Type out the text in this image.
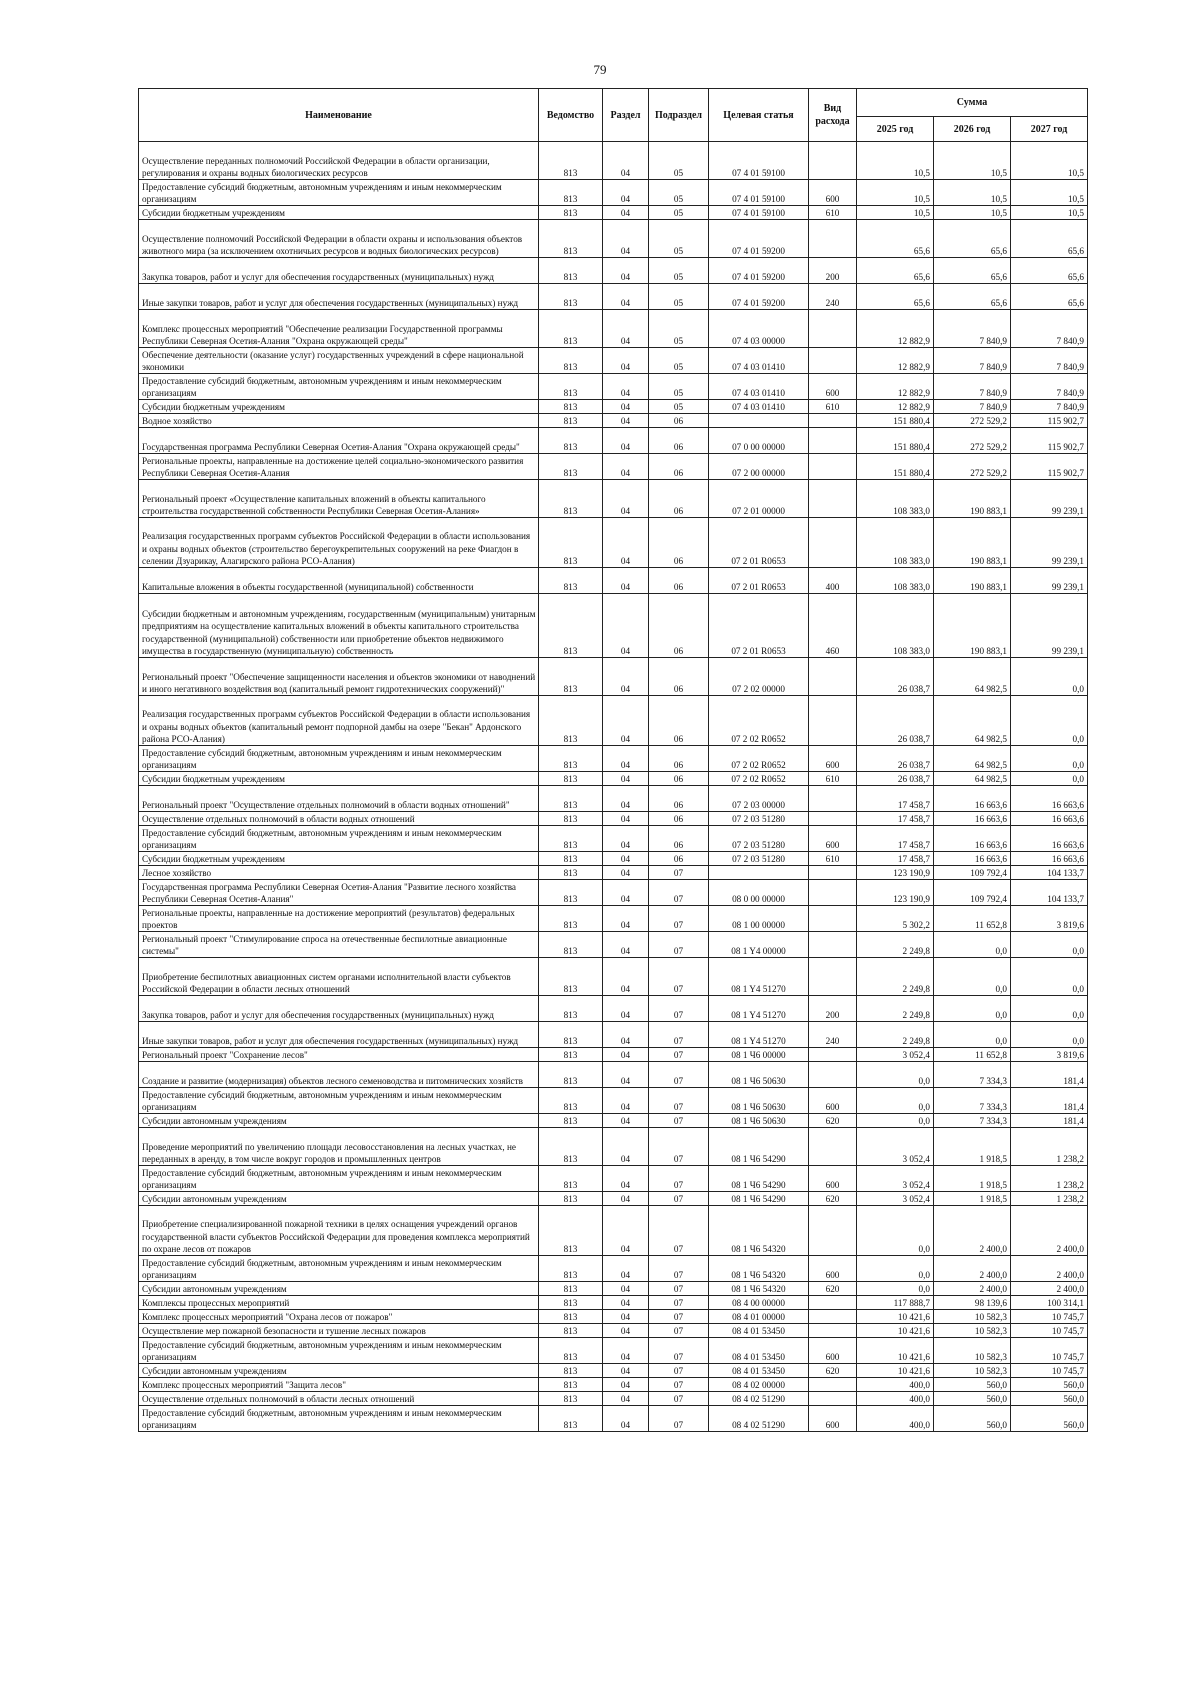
79
Наименование	Ведомство	Раздел	Подраздел	Целевая статья	Вид расхода	Сумма		
						2025 год	2026 год	2027 год
Осуществление переданных полномочий Российской Федерации в области организации, регулирования и охраны водных биологических ресурсов	813	04	05	07 4 01 59100		10,5	10,5	10,5
Предоставление субсидий бюджетным, автономным учреждениям и иным некоммерческим организациям	813	04	05	07 4 01 59100	600	10,5	10,5	10,5
Субсидии бюджетным учреждениям	813	04	05	07 4 01 59100	610	10,5	10,5	10,5
Осуществление полномочий Российской Федерации в области охраны и использования объектов животного мира (за исключением охотничьих ресурсов и водных биологических ресурсов)	813	04	05	07 4 01 59200		65,6	65,6	65,6
Закупка товаров, работ и услуг для обеспечения государственных (муниципальных) нужд	813	04	05	07 4 01 59200	200	65,6	65,6	65,6
Иные закупки товаров, работ и услуг для обеспечения государственных (муниципальных) нужд	813	04	05	07 4 01 59200	240	65,6	65,6	65,6
Комплекс процессных мероприятий "Обеспечение реализации Государственной программы Республики Северная Осетия-Алания "Охрана окружающей среды"	813	04	05	07 4 03 00000		12 882,9	7 840,9	7 840,9
Обеспечение деятельности (оказание услуг) государственных учреждений в сфере национальной экономики	813	04	05	07 4 03 01410		12 882,9	7 840,9	7 840,9
Предоставление субсидий бюджетным, автономным учреждениям и иным некоммерческим организациям	813	04	05	07 4 03 01410	600	12 882,9	7 840,9	7 840,9
Субсидии бюджетным учреждениям	813	04	05	07 4 03 01410	610	12 882,9	7 840,9	7 840,9
Водное хозяйство	813	04	06			151 880,4	272 529,2	115 902,7
Государственная программа Республики Северная Осетия-Алания "Охрана окружающей среды"	813	04	06	07 0 00 00000		151 880,4	272 529,2	115 902,7
Региональные проекты, направленные на достижение целей социально-экономического развития Республики Северная Осетия-Алания	813	04	06	07 2 00 00000		151 880,4	272 529,2	115 902,7
Региональный проект «Осуществление капитальных вложений в объекты капитального строительства государственной собственности Республики Северная Осетия-Алания»	813	04	06	07 2 01 00000		108 383,0	190 883,1	99 239,1
Реализация государственных программ субъектов Российской Федерации в области использования и охраны водных объектов (строительство берегоукрепительных сооружений на реке Фиагдон в селении Дзуарикау, Алагирского района РСО-Алания)	813	04	06	07 2 01 R0653		108 383,0	190 883,1	99 239,1
Капитальные вложения в объекты государственной (муниципальной) собственности	813	04	06	07 2 01 R0653	400	108 383,0	190 883,1	99 239,1
Субсидии бюджетным и автономным учреждениям, государственным (муниципальным) унитарным предприятиям на осуществление капитальных вложений в объекты капитального строительства государственной (муниципальной) собственности или приобретение объектов недвижимого имущества в государственную (муниципальную) собственность	813	04	06	07 2 01 R0653	460	108 383,0	190 883,1	99 239,1
Региональный проект "Обеспечение защищенности населения и объектов экономики от наводнений и иного негативного воздействия вод (капитальный ремонт гидротехнических сооружений)"	813	04	06	07 2 02 00000		26 038,7	64 982,5	0,0
Реализация государственных программ субъектов Российской Федерации в области использования и охраны водных объектов (капитальный ремонт подпорной дамбы на озере "Бекан" Ардонского района РСО-Алания)	813	04	06	07 2 02 R0652		26 038,7	64 982,5	0,0
Предоставление субсидий бюджетным, автономным учреждениям и иным некоммерческим организациям	813	04	06	07 2 02 R0652	600	26 038,7	64 982,5	0,0
Субсидии бюджетным учреждениям	813	04	06	07 2 02 R0652	610	26 038,7	64 982,5	0,0
Региональный проект "Осуществление отдельных полномочий в области водных отношений"	813	04	06	07 2 03 00000		17 458,7	16 663,6	16 663,6
Осуществление отдельных полномочий в области водных отношений	813	04	06	07 2 03 51280		17 458,7	16 663,6	16 663,6
Предоставление субсидий бюджетным, автономным учреждениям и иным некоммерческим организациям	813	04	06	07 2 03 51280	600	17 458,7	16 663,6	16 663,6
Субсидии бюджетным учреждениям	813	04	06	07 2 03 51280	610	17 458,7	16 663,6	16 663,6
Лесное хозяйство	813	04	07			123 190,9	109 792,4	104 133,7
Государственная программа Республики Северная Осетия-Алания "Развитие лесного хозяйства Республики Северная Осетия-Алания"	813	04	07	08 0 00 00000		123 190,9	109 792,4	104 133,7
Региональные проекты, направленные на достижение мероприятий (результатов) федеральных проектов	813	04	07	08 1 00 00000		5 302,2	11 652,8	3 819,6
Региональный проект "Стимулирование спроса на отечественные беспилотные авиационные системы"	813	04	07	08 1 Y4 00000		2 249,8	0,0	0,0
Приобретение беспилотных авиационных систем органами исполнительной власти субъектов Российской Федерации в области лесных отношений	813	04	07	08 1 Y4 51270		2 249,8	0,0	0,0
Закупка товаров, работ и услуг для обеспечения государственных (муниципальных) нужд	813	04	07	08 1 Y4 51270	200	2 249,8	0,0	0,0
Иные закупки товаров, работ и услуг для обеспечения государственных (муниципальных) нужд	813	04	07	08 1 Y4 51270	240	2 249,8	0,0	0,0
Региональный проект "Сохранение лесов"	813	04	07	08 1 Ч6 00000		3 052,4	11 652,8	3 819,6
Создание и развитие (модернизация) объектов лесного семеноводства и питомнических хозяйств	813	04	07	08 1 Ч6 50630		0,0	7 334,3	181,4
Предоставление субсидий бюджетным, автономным учреждениям и иным некоммерческим организациям	813	04	07	08 1 Ч6 50630	600	0,0	7 334,3	181,4
Субсидии автономным учреждениям	813	04	07	08 1 Ч6 50630	620	0,0	7 334,3	181,4
Проведение мероприятий по увеличению площади лесовосстановления на лесных участках, не переданных в аренду, в том числе вокруг городов и промышленных центров	813	04	07	08 1 Ч6 54290		3 052,4	1 918,5	1 238,2
Предоставление субсидий бюджетным, автономным учреждениям и иным некоммерческим организациям	813	04	07	08 1 Ч6 54290	600	3 052,4	1 918,5	1 238,2
Субсидии автономным учреждениям	813	04	07	08 1 Ч6 54290	620	3 052,4	1 918,5	1 238,2
Приобретение специализированной пожарной техники в целях оснащения учреждений органов государственной власти субъектов Российской Федерации для проведения комплекса мероприятий по охране лесов от пожаров	813	04	07	08 1 Ч6 54320		0,0	2 400,0	2 400,0
Предоставление субсидий бюджетным, автономным учреждениям и иным некоммерческим организациям	813	04	07	08 1 Ч6 54320	600	0,0	2 400,0	2 400,0
Субсидии автономным учреждениям	813	04	07	08 1 Ч6 54320	620	0,0	2 400,0	2 400,0
Комплексы процессных мероприятий	813	04	07	08 4 00 00000		117 888,7	98 139,6	100 314,1
Комплекс процессных мероприятий "Охрана лесов от пожаров"	813	04	07	08 4 01 00000		10 421,6	10 582,3	10 745,7
Осуществление мер пожарной безопасности и тушение лесных пожаров	813	04	07	08 4 01 53450		10 421,6	10 582,3	10 745,7
Предоставление субсидий бюджетным, автономным учреждениям и иным некоммерческим организациям	813	04	07	08 4 01 53450	600	10 421,6	10 582,3	10 745,7
Субсидии автономным учреждениям	813	04	07	08 4 01 53450	620	10 421,6	10 582,3	10 745,7
Комплекс процессных мероприятий "Защита лесов"	813	04	07	08 4 02 00000		400,0	560,0	560,0
Осуществление отдельных полномочий в области лесных отношений	813	04	07	08 4 02 51290		400,0	560,0	560,0
Предоставление субсидий бюджетным, автономным учреждениям и иным некоммерческим организациям	813	04	07	08 4 02 51290	600	400,0	560,0	560,0
